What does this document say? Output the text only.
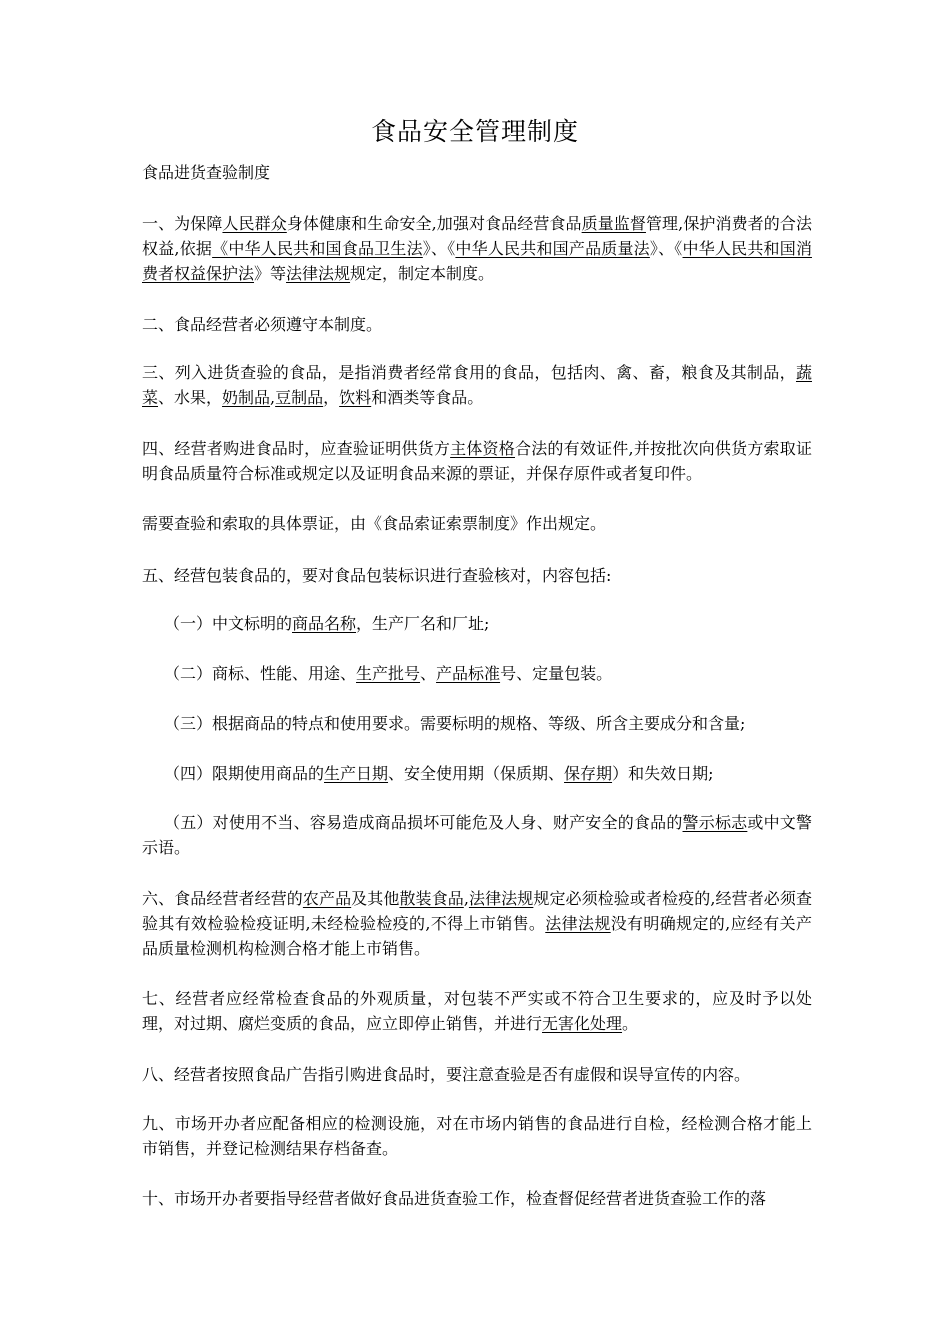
食品安全管理制度
食品进货查验制度

一、为保障人民群众身体健康和生命安全,加强对食品经营食品质量监督管理,保护消费者的合法权益,依据《中华人民共和国食品卫生法》、《中华人民共和国产品质量法》、《中华人民共和国消费者权益保护法》等法律法规规定，制定本制度。

二、食品经营者必须遵守本制度。

三、列入进货查验的食品，是指消费者经常食用的食品，包括肉、禽、畜，粮食及其制品，蔬菜、水果，奶制品,豆制品，饮料和酒类等食品。

四、经营者购进食品时，应查验证明供货方主体资格合法的有效证件,并按批次向供货方索取证明食品质量符合标准或规定以及证明食品来源的票证，并保存原件或者复印件。

需要查验和索取的具体票证，由《食品索证索票制度》作出规定。

五、经营包装食品的，要对食品包装标识进行查验核对，内容包括:

（一）中文标明的商品名称，生产厂名和厂址;

（二）商标、性能、用途、生产批号、产品标准号、定量包装。

（三）根据商品的特点和使用要求。需要标明的规格、等级、所含主要成分和含量;

（四）限期使用商品的生产日期、安全使用期（保质期、保存期）和失效日期;

（五）对使用不当、容易造成商品损坏可能危及人身、财产安全的食品的警示标志或中文警示语。

六、食品经营者经营的农产品及其他散装食品,法律法规规定必须检验或者检疫的,经营者必须查验其有效检验检疫证明,未经检验检疫的,不得上市销售。法律法规没有明确规定的,应经有关产品质量检测机构检测合格才能上市销售。

七、经营者应经常检查食品的外观质量，对包装不严实或不符合卫生要求的，应及时予以处理，对过期、腐烂变质的食品，应立即停止销售，并进行无害化处理。

八、经营者按照食品广告指引购进食品时，要注意查验是否有虚假和误导宣传的内容。

九、市场开办者应配备相应的检测设施，对在市场内销售的食品进行自检，经检测合格才能上市销售，并登记检测结果存档备查。

十、市场开办者要指导经营者做好食品进货查验工作，检查督促经营者进货查验工作的落
